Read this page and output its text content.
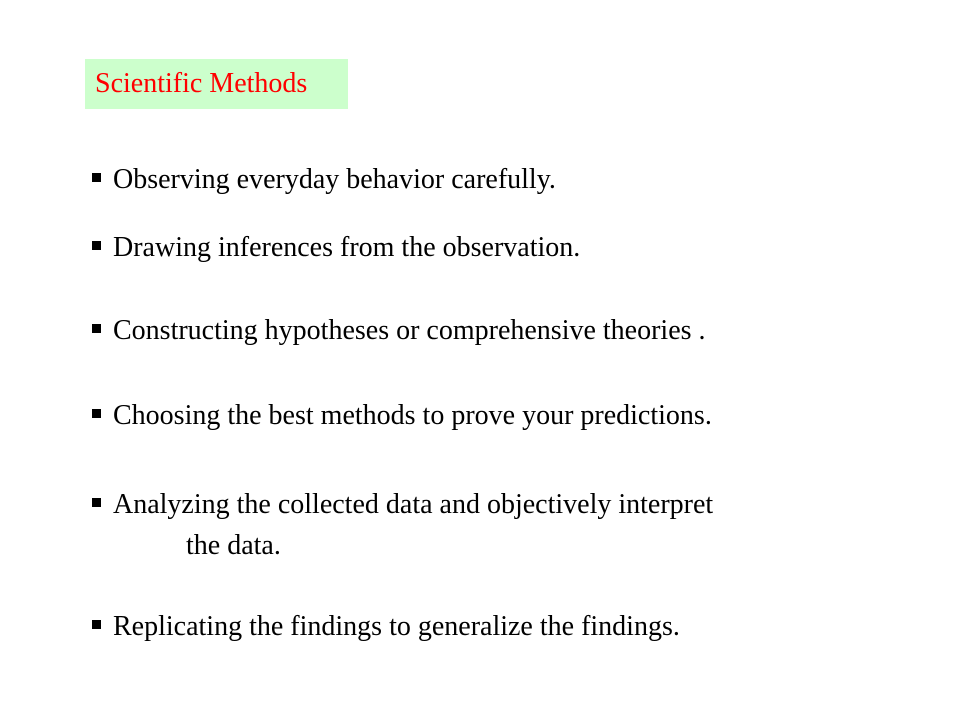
Scientific Methods
Observing everyday behavior carefully.
Drawing inferences from the observation.
Constructing hypotheses or comprehensive theories .
Choosing the best methods to prove your predictions.
Analyzing the collected data and objectively interpret
the data.
Replicating the findings to generalize the findings.
